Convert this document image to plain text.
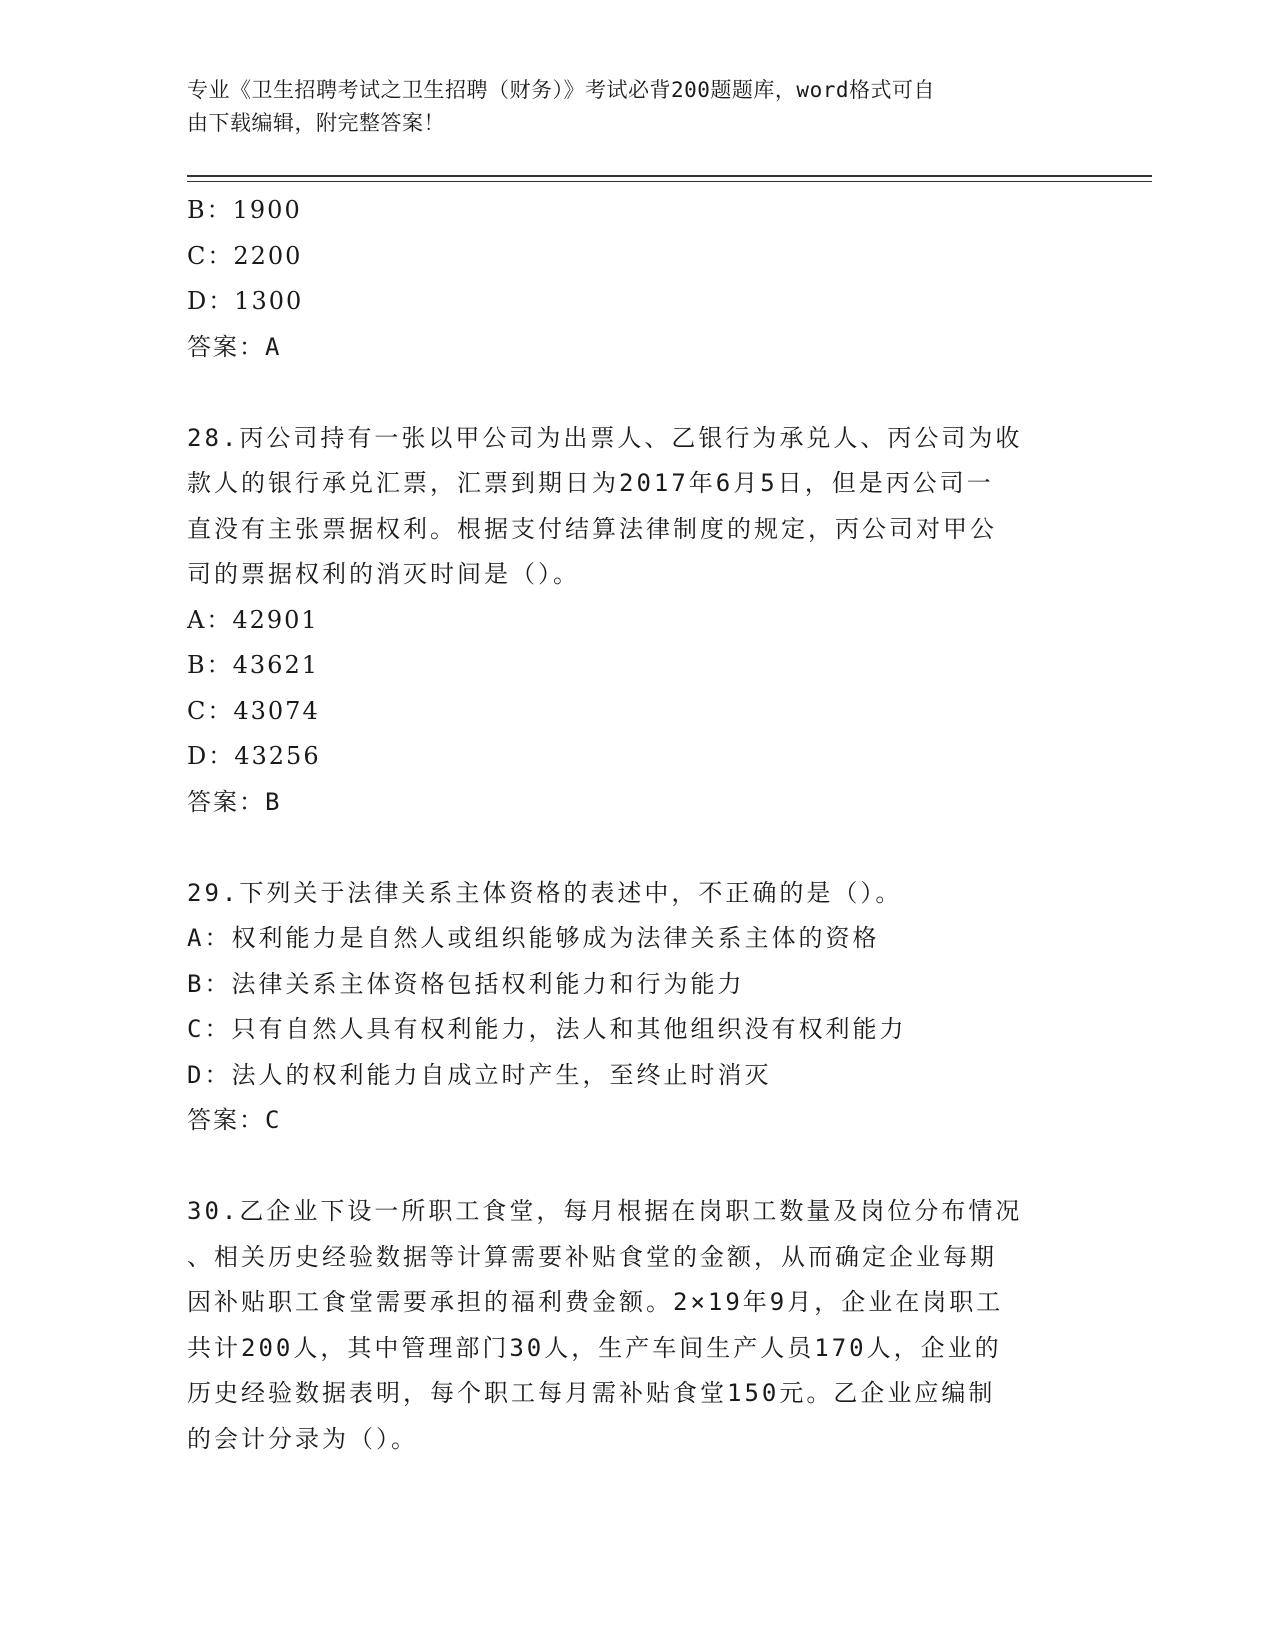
专业《卫生招聘考试之卫生招聘（财务）》考试必背200题题库，word格式可自
由下载编辑，附完整答案！
B：1900
C：2200
D：1300
答案：A
28.丙公司持有一张以甲公司为出票人、乙银行为承兑人、丙公司为收
款人的银行承兑汇票，汇票到期日为2017年6月5日，但是丙公司一
直没有主张票据权利。根据支付结算法律制度的规定，丙公司对甲公
司的票据权利的消灭时间是（）。
A：42901
B：43621
C：43074
D：43256
答案：B
29.下列关于法律关系主体资格的表述中，不正确的是（）。
A：权利能力是自然人或组织能够成为法律关系主体的资格
B：法律关系主体资格包括权利能力和行为能力
C：只有自然人具有权利能力，法人和其他组织没有权利能力
D：法人的权利能力自成立时产生，至终止时消灭
答案：C
30.乙企业下设一所职工食堂，每月根据在岗职工数量及岗位分布情况
、相关历史经验数据等计算需要补贴食堂的金额，从而确定企业每期
因补贴职工食堂需要承担的福利费金额。2×19年9月，企业在岗职工
共计200人，其中管理部门30人，生产车间生产人员170人，企业的
历史经验数据表明，每个职工每月需补贴食堂150元。乙企业应编制
的会计分录为（）。
